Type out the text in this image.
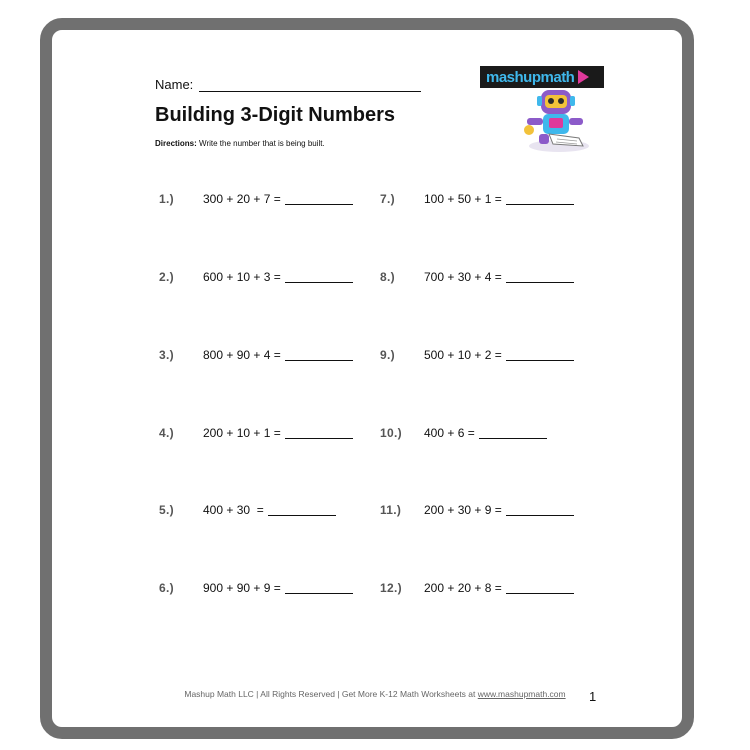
Name:
Building 3-Digit Numbers
Directions: Write the number that is being built.
mashupmath
1.)	300 + 20 + 7 =
2.)	600 + 10 + 3 =
3.)	800 + 90 + 4 =
4.)	200 + 10 + 1 =
5.)	400 + 30  =
6.)	900 + 90 + 9 =
7.)	100 + 50 + 1 =
8.)	700 + 30 + 4 =
9.)	500 + 10 + 2 =
10.)	400 + 6 =
11.)	200 + 30 + 9 =
12.)	200 + 20 + 8 =
Mashup Math LLC | All Rights Reserved | Get More K-12 Math Worksheets at www.mashupmath.com	1
